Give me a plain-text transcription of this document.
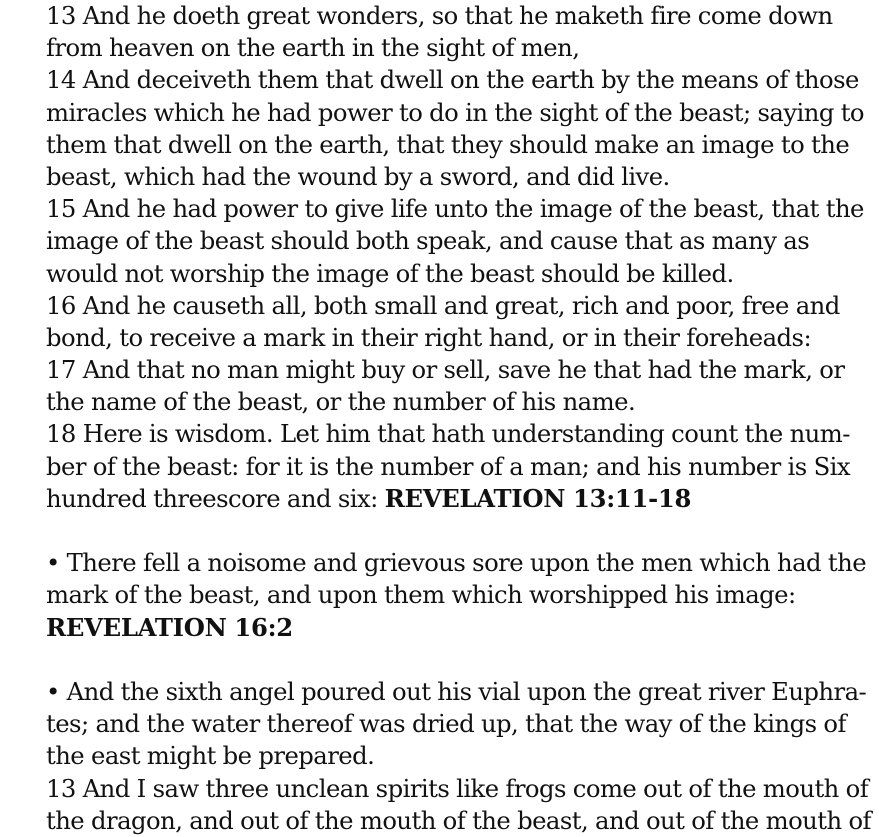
13 And he doeth great wonders, so that he maketh fire come down
from heaven on the earth in the sight of men,
14 And deceiveth them that dwell on the earth by the means of those
miracles which he had power to do in the sight of the beast; saying to
them that dwell on the earth, that they should make an image to the
beast, which had the wound by a sword, and did live.
15 And he had power to give life unto the image of the beast, that the
image of the beast should both speak, and cause that as many as
would not worship the image of the beast should be killed.
16 And he causeth all, both small and great, rich and poor, free and
bond, to receive a mark in their right hand, or in their foreheads:
17 And that no man might buy or sell, save he that had the mark, or
the name of the beast, or the number of his name.
18 Here is wisdom. Let him that hath understanding count the num-
ber of the beast: for it is the number of a man; and his number is Six
hundred threescore and six: REVELATION 13:11-18
• There fell a noisome and grievous sore upon the men which had the
mark of the beast, and upon them which worshipped his image:
REVELATION 16:2
• And the sixth angel poured out his vial upon the great river Euphra-
tes; and the water thereof was dried up, that the way of the kings of
the east might be prepared.
13 And I saw three unclean spirits like frogs come out of the mouth of
the dragon, and out of the mouth of the beast, and out of the mouth of
